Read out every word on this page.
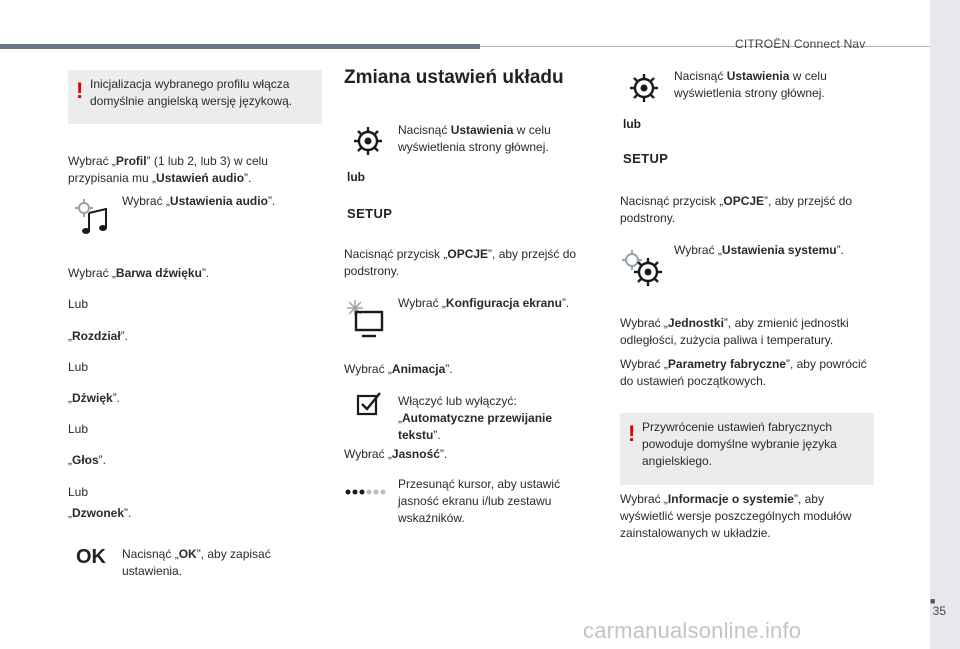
CITROËN Connect Nav
■
35
carmanualsonline.info
! Inicjalizacja wybranego profilu włącza domyślnie angielską wersję językową.
Wybrać „Profil” (1 lub 2, lub 3) w celu przypisania mu „Ustawień audio”.
Wybrać „Ustawienia audio”.
Wybrać „Barwa dźwięku”.
Lub
„Rozdział”.
Lub
„Dźwięk”.
Lub
„Głos”.
Lub
„Dzwonek”.
OK Nacisnąć „OK”, aby zapisać ustawienia.
Zmiana ustawień układu
Nacisnąć Ustawienia w celu wyświetlenia strony głównej.
lub
SETUP
Nacisnąć przycisk „OPCJE”, aby przejść do podstrony.
Wybrać „Konfiguracja ekranu”.
Wybrać „Animacja”.
Włączyć lub wyłączyć: „Automatyczne przewijanie tekstu”.
Wybrać „Jasność”.
Przesunąć kursor, aby ustawić jasność ekranu i/lub zestawu wskaźników.
Nacisnąć Ustawienia w celu wyświetlenia strony głównej.
lub
SETUP
Nacisnąć przycisk „OPCJE”, aby przejść do podstrony.
Wybrać „Ustawienia systemu”.
Wybrać „Jednostki”, aby zmienić jednostki odległości, zużycia paliwa i temperatury.
Wybrać „Parametry fabryczne”, aby powrócić do ustawień początkowych.
! Przywrócenie ustawień fabrycznych powoduje domyślne wybranie języka angielskiego.
Wybrać „Informacje o systemie”, aby wyświetlić wersje poszczególnych modułów zainstalowanych w układzie.
